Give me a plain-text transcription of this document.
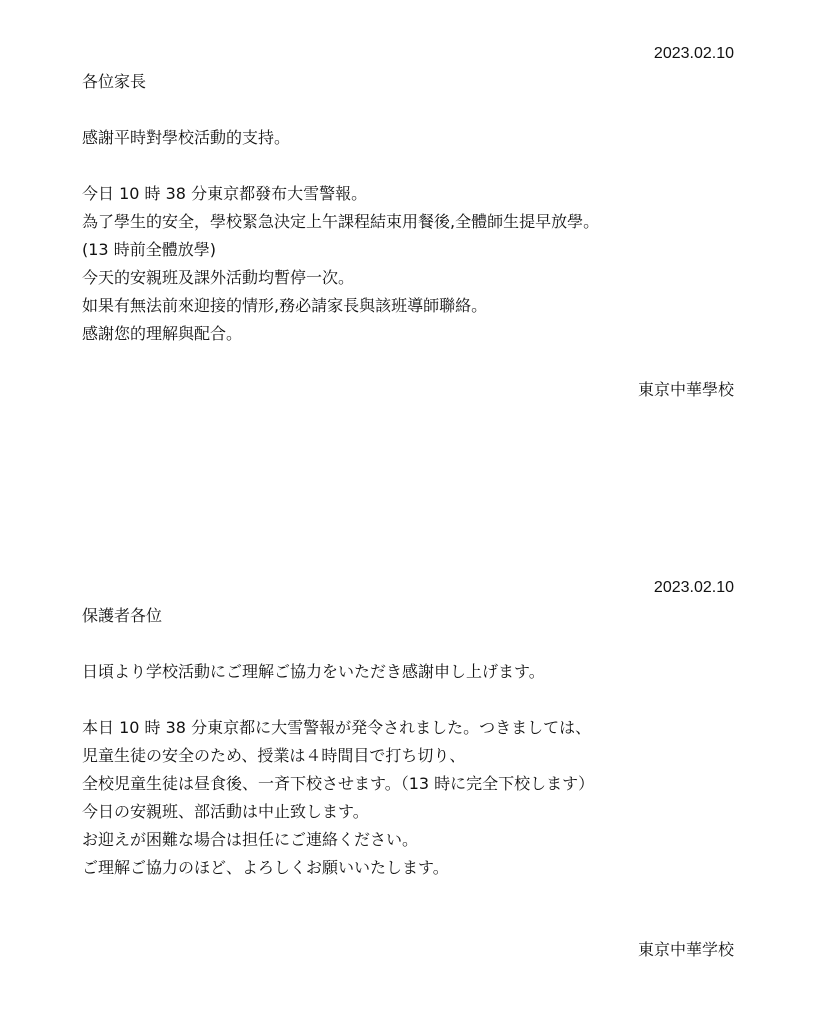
2023.02.10
各位家長
感謝平時對學校活動的支持。
今日 10 時 38 分東京都發布大雪警報。
為了學生的安全，學校緊急決定上午課程結束用餐後,全體師生提早放學。
(13 時前全體放學)
今天的安親班及課外活動均暫停一次。
如果有無法前來迎接的情形,務必請家長與該班導師聯絡。
感謝您的理解與配合。
東京中華學校
2023.02.10
保護者各位
日頃より学校活動にご理解ご協力をいただき感謝申し上げます。
本日 10 時 38 分東京都に大雪警報が発令されました。つきましては、
児童生徒の安全のため、授業は４時間目で打ち切り、
全校児童生徒は昼食後、一斉下校させます。（13 時に完全下校します）
今日の安親班、部活動は中止致します。
お迎えが困難な場合は担任にご連絡ください。
ご理解ご協力のほど、よろしくお願いいたします。
東京中華学校
